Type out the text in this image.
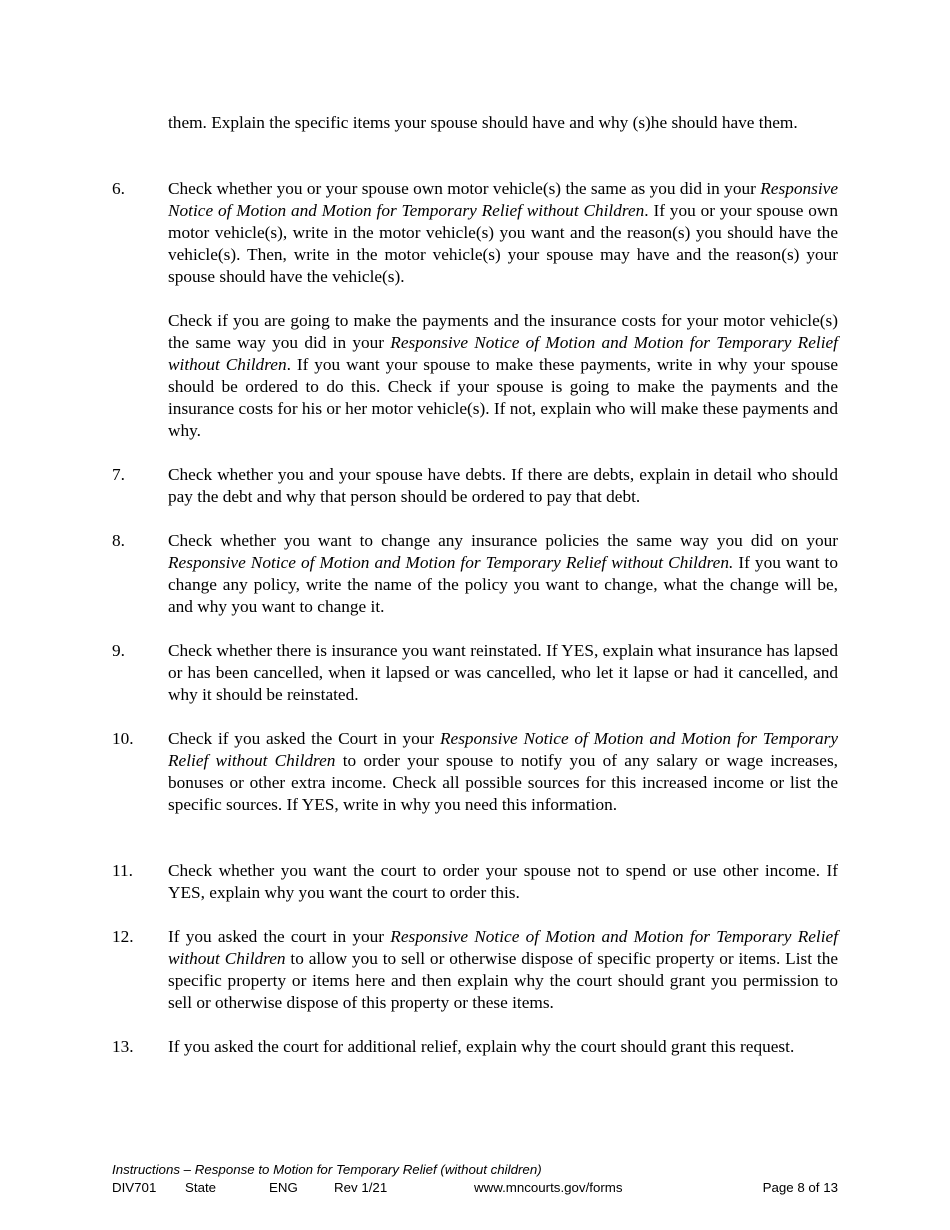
them. Explain the specific items your spouse should have and why (s)he should have them.

6.	Check whether you or your spouse own motor vehicle(s) the same as you did in your Responsive Notice of Motion and Motion for Temporary Relief without Children. If you or your spouse own motor vehicle(s), write in the motor vehicle(s) you want and the reason(s) you should have the vehicle(s). Then, write in the motor vehicle(s) your spouse may have and the reason(s) your spouse should have the vehicle(s).

Check if you are going to make the payments and the insurance costs for your motor vehicle(s) the same way you did in your Responsive Notice of Motion and Motion for Temporary Relief without Children. If you want your spouse to make these payments, write in why your spouse should be ordered to do this. Check if your spouse is going to make the payments and the insurance costs for his or her motor vehicle(s). If not, explain who will make these payments and why.

7.	Check whether you and your spouse have debts. If there are debts, explain in detail who should pay the debt and why that person should be ordered to pay that debt.

8.	Check whether you want to change any insurance policies the same way you did on your Responsive Notice of Motion and Motion for Temporary Relief without Children. If you want to change any policy, write the name of the policy you want to change, what the change will be, and why you want to change it.

9.	Check whether there is insurance you want reinstated. If YES, explain what insurance has lapsed or has been cancelled, when it lapsed or was cancelled, who let it lapse or had it cancelled, and why it should be reinstated.

10.	Check if you asked the Court in your Responsive Notice of Motion and Motion for Temporary Relief without Children to order your spouse to notify you of any salary or wage increases, bonuses or other extra income. Check all possible sources for this increased income or list the specific sources. If YES, write in why you need this information.

11.	Check whether you want the court to order your spouse not to spend or use other income. If YES, explain why you want the court to order this.

12.	If you asked the court in your Responsive Notice of Motion and Motion for Temporary Relief without Children to allow you to sell or otherwise dispose of specific property or items. List the specific property or items here and then explain why the court should grant you permission to sell or otherwise dispose of this property or these items.

13.	If you asked the court for additional relief, explain why the court should grant this request.

Instructions – Response to Motion for Temporary Relief (without children)
DIV701 State	ENG	Rev 1/21	www.mncourts.gov/forms	Page 8 of 13
